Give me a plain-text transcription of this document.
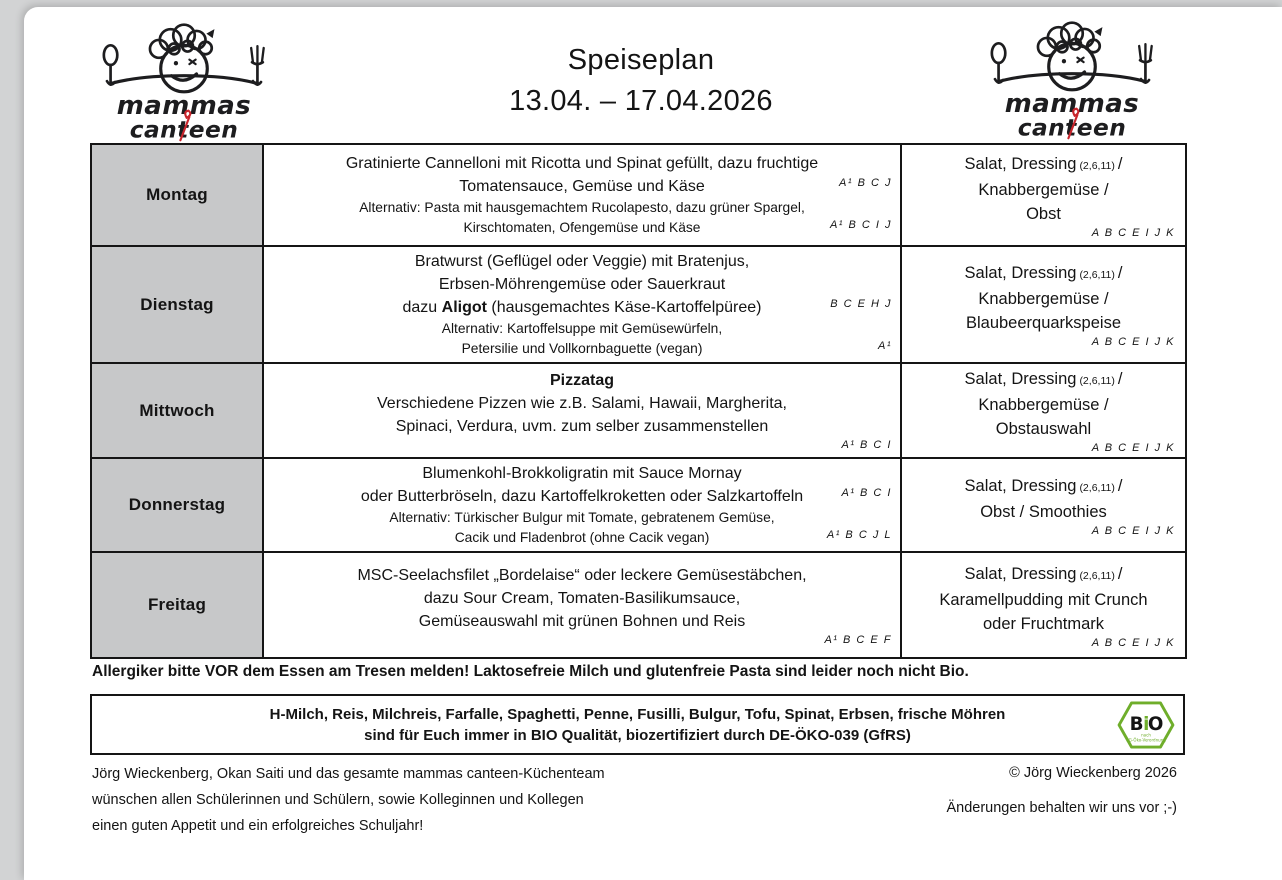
Speiseplan
13.04. – 17.04.2026
Montag

Gratinierte Cannelloni mit Ricotta und Spinat gefüllt, dazu fruchtige
Tomatensauce, Gemüse und Käse	A¹ B C J
Alternativ: Pasta mit hausgemachtem Rucolapesto, dazu grüner Spargel,
Kirschtomaten, Ofengemüse und Käse	A¹ B C I J

Salat, Dressing (2,6,11) /
Knabbergemüse /
Obst
A B C E I J K

Dienstag

Bratwurst (Geflügel oder Veggie) mit Bratenjus,
Erbsen-Möhrengemüse oder Sauerkraut
dazu Aligot (hausgemachtes Käse-Kartoffelpüree)	B C E H J
Alternativ: Kartoffelsuppe mit Gemüsewürfeln,
Petersilie und Vollkornbaguette (vegan)	A¹

Salat, Dressing (2,6,11) /
Knabbergemüse /
Blaubeerquarkspeise
A B C E I J K

Mittwoch

Pizzatag
Verschiedene Pizzen wie z.B. Salami, Hawaii, Margherita,
Spinaci, Verdura, uvm. zum selber zusammenstellen
A¹ B C I

Salat, Dressing (2,6,11) /
Knabbergemüse /
Obstauswahl
A B C E I J K

Donnerstag

Blumenkohl-Brokkoligratin mit Sauce Mornay
oder Butterbröseln, dazu Kartoffelkroketten oder Salzkartoffeln	A¹ B C I
Alternativ: Türkischer Bulgur mit Tomate, gebratenem Gemüse,
Cacik und Fladenbrot (ohne Cacik vegan)	A¹ B C J L

Salat, Dressing (2,6,11) /
Obst / Smoothies
A B C E I J K

Freitag

MSC-Seelachsfilet „Bordelaise“ oder leckere Gemüsestäbchen,
dazu Sour Cream, Tomaten-Basilikumsauce,
Gemüseauswahl mit grünen Bohnen und Reis
A¹ B C E F

Salat, Dressing (2,6,11) /
Karamellpudding mit Crunch
oder Fruchtmark
A B C E I J K
Allergiker bitte VOR dem Essen am Tresen melden! Laktosefreie Milch und glutenfreie Pasta sind leider noch nicht Bio.
H-Milch, Reis, Milchreis, Farfalle, Spaghetti, Penne, Fusilli, Bulgur, Tofu, Spinat, Erbsen, frische Möhren
sind für Euch immer in BIO Qualität, biozertifiziert durch DE-ÖKO-039 (GfRS)
B i
O
nach
EG-Öko-Verordnung
Jörg Wieckenberg, Okan Saiti und das gesamte mammas canteen-Küchenteam
wünschen allen Schülerinnen und Schülern, sowie Kolleginnen und Kollegen
einen guten Appetit und ein erfolgreiches Schuljahr!
© Jörg Wieckenberg 2026
Änderungen behalten wir uns vor ;-)
